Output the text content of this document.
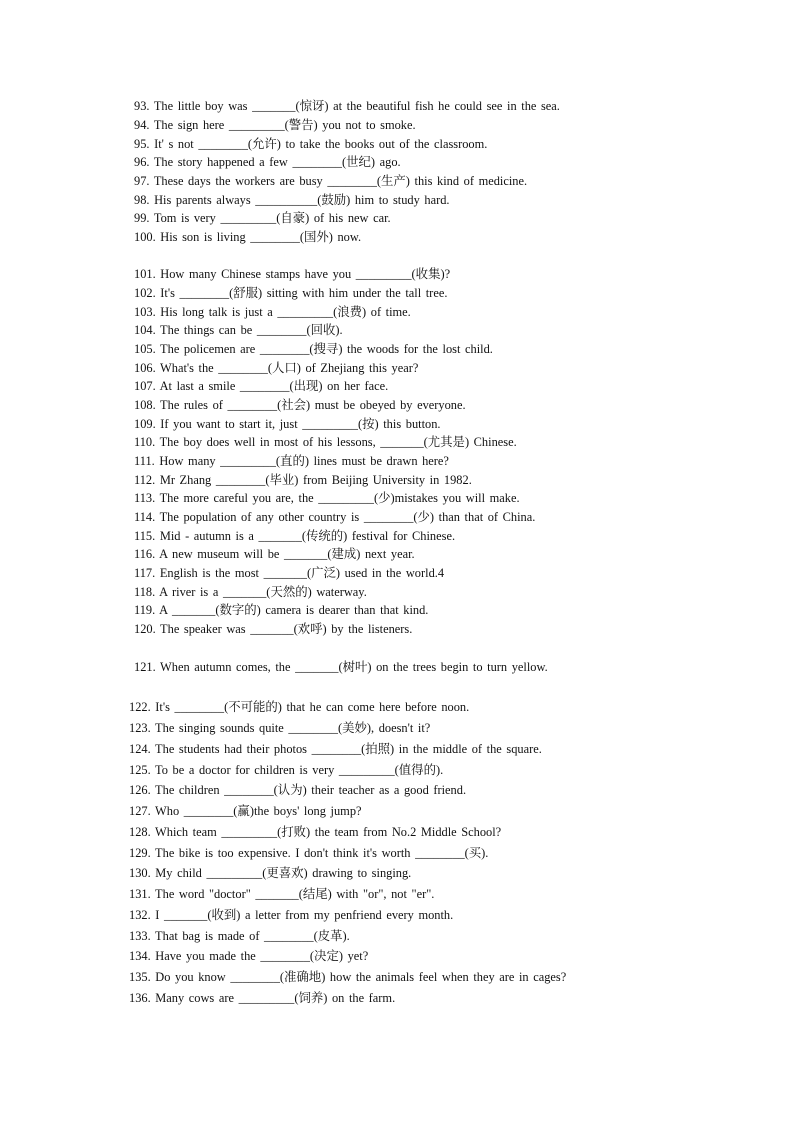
93. The little boy was _______(惊讶) at the beautiful fish he could see in the sea.
94. The sign here _________(警告) you not to smoke.
95. It' s not ________(允许) to take the books out of the classroom.
96. The story happened a few ________(世纪) ago.
97. These days the workers are busy ________(生产) this kind of medicine.
98. His parents always __________(鼓励) him to study hard.
99. Tom is very _________(自豪) of his new car.
100. His son is living ________(国外) now.
101. How many Chinese stamps have you _________(收集)?
102. It's ________(舒服) sitting with him under the tall tree.
103. His long talk is just a _________(浪费) of time.
104. The things can be ________(回收).
105. The policemen are ________(搜寻) the woods for the lost child.
106. What's the ________(人口) of Zhejiang this year?
107. At last a smile ________(出现) on her face.
108. The rules of ________(社会) must be obeyed by everyone.
109. If you want to start it, just _________(按) this button.
110. The boy does well in most of his lessons, _______(尤其是) Chinese.
111. How many _________(直的) lines must be drawn here?
112. Mr Zhang ________(毕业) from Beijing University in 1982.
113. The more careful you are, the _________(少)mistakes you will make.
114. The population of any other country is ________(少) than that of China.
115. Mid - autumn is a _______(传统的) festival for Chinese.
116. A new museum will be _______(建成) next year.
117. English is the most _______(广泛) used in the world.4
118. A river is a _______(天然的) waterway.
119. A _______(数字的) camera is dearer than that kind.
120. The speaker was _______(欢呼) by the listeners.
121. When autumn comes, the _______(树叶) on the trees begin to turn yellow.
122. It's ________(不可能的) that he can come here before noon.
123. The singing sounds quite ________(美妙), doesn't it?
124. The students had their photos ________(拍照) in the middle of the square.
125. To be a doctor for children is very _________(值得的).
126. The children ________(认为) their teacher as a good friend.
127. Who ________(赢)the boys' long jump?
128. Which team _________(打败) the team from No.2 Middle School?
129. The bike is too expensive. I don't think it's worth ________(买).
130. My child _________(更喜欢) drawing to singing.
131. The word "doctor" _______(结尾) with "or", not "er".
132. I _______(收到) a letter from my penfriend every month.
133. That bag is made of ________(皮革).
134. Have you made the ________(决定) yet?
135. Do you know ________(准确地) how the animals feel when they are in cages?
136. Many cows are _________(饲养) on the farm.
